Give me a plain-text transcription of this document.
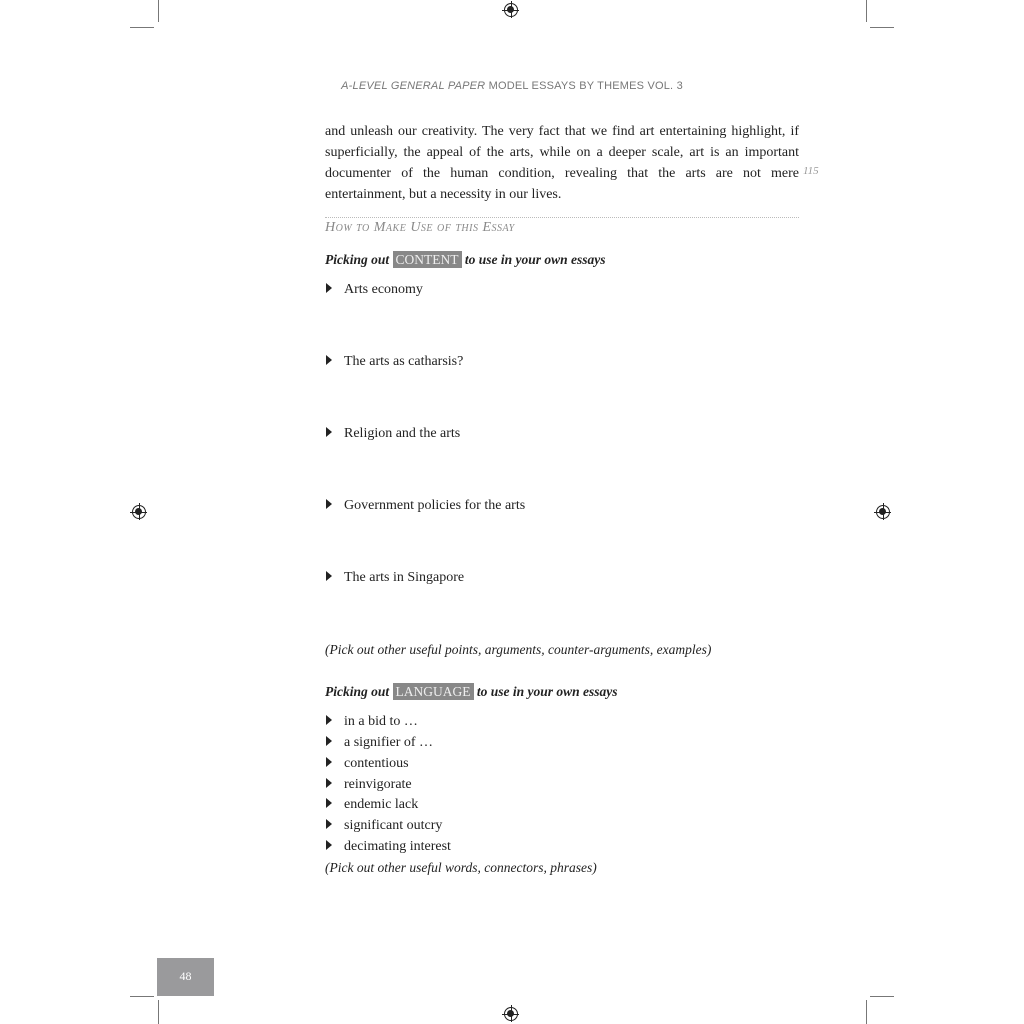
A-LEVEL GENERAL PAPER MODEL ESSAYS BY THEMES VOL. 3

and unleash our creativity. The very fact that we find art entertaining highlight, if superficially, the appeal of the arts, while on a deeper scale, art is an important documenter of the human condition, revealing that the arts are not mere entertainment, but a necessity in our lives.

115
How to Make Use of this Essay
Picking out CONTENT to use in your own essays
Arts economy
The arts as catharsis?
Religion and the arts
Government policies for the arts
The arts in Singapore
(Pick out other useful points, arguments, counter-arguments, examples)
Picking out LANGUAGE to use in your own essays
in a bid to …
a signifier of …
contentious
reinvigorate
endemic lack
significant outcry
decimating interest
(Pick out other useful words, connectors, phrases)
48
